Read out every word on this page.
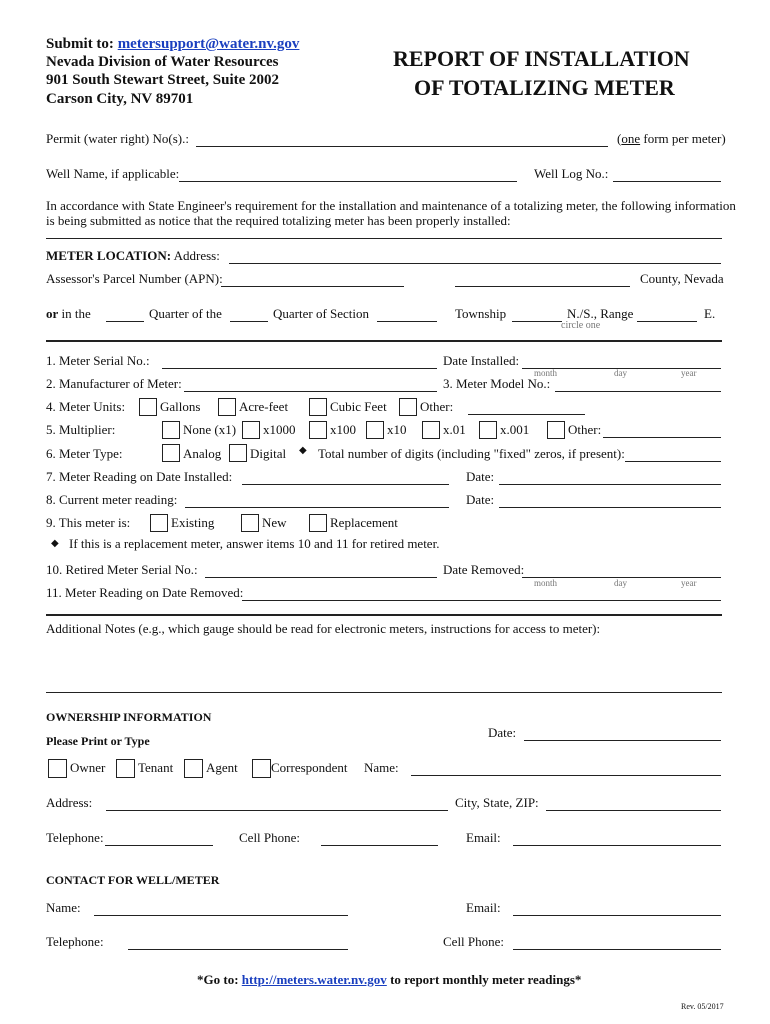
Submit to: metersupport@water.nv.gov
Nevada Division of Water Resources
901 South Stewart Street, Suite 2002
Carson City, NV 89701
REPORT OF INSTALLATION
OF TOTALIZING METER
Permit (water right) No(s).:	(one form per meter)
Well Name, if applicable:	Well Log No.:
In accordance with State Engineer's requirement for the installation and maintenance of a totalizing meter, the following information
is being submitted as notice that the required totalizing meter has been properly installed:
METER LOCATION: Address:
Assessor's Parcel Number (APN):	County, Nevada
or in the	Quarter of the	Quarter of Section	Township	N./S., Range	E.
circle one
1. Meter Serial No.:	Date Installed:
month	day	year
2. Manufacturer of Meter:	3. Meter Model No.:
4. Meter Units:	Gallons	Acre-feet	Cubic Feet	Other:
5. Multiplier:	None (x1) x1000	x100 x10	x.01	x.001	Other:
6. Meter Type:	Analog Digital ◆ Total number of digits (including "fixed" zeros, if present):
7. Meter Reading on Date Installed:	Date:
8. Current meter reading:	Date:
9. This meter is:	Existing	New	Replacement
◆ If this is a replacement meter, answer items 10 and 11 for retired meter.
10. Retired Meter Serial No.:	Date Removed:
month	day	year
11. Meter Reading on Date Removed:
Additional Notes (e.g., which gauge should be read for electronic meters, instructions for access to meter):
OWNERSHIP INFORMATION
Please Print or Type
Date:
Owner	Tenant	Agent	Correspondent Name:
Address:	City, State, ZIP:
Telephone:	Cell Phone:	Email:
CONTACT FOR WELL/METER
Name:	Email:
Telephone:	Cell Phone:
*Go to: http://meters.water.nv.gov to report monthly meter readings*
Rev. 05/2017
